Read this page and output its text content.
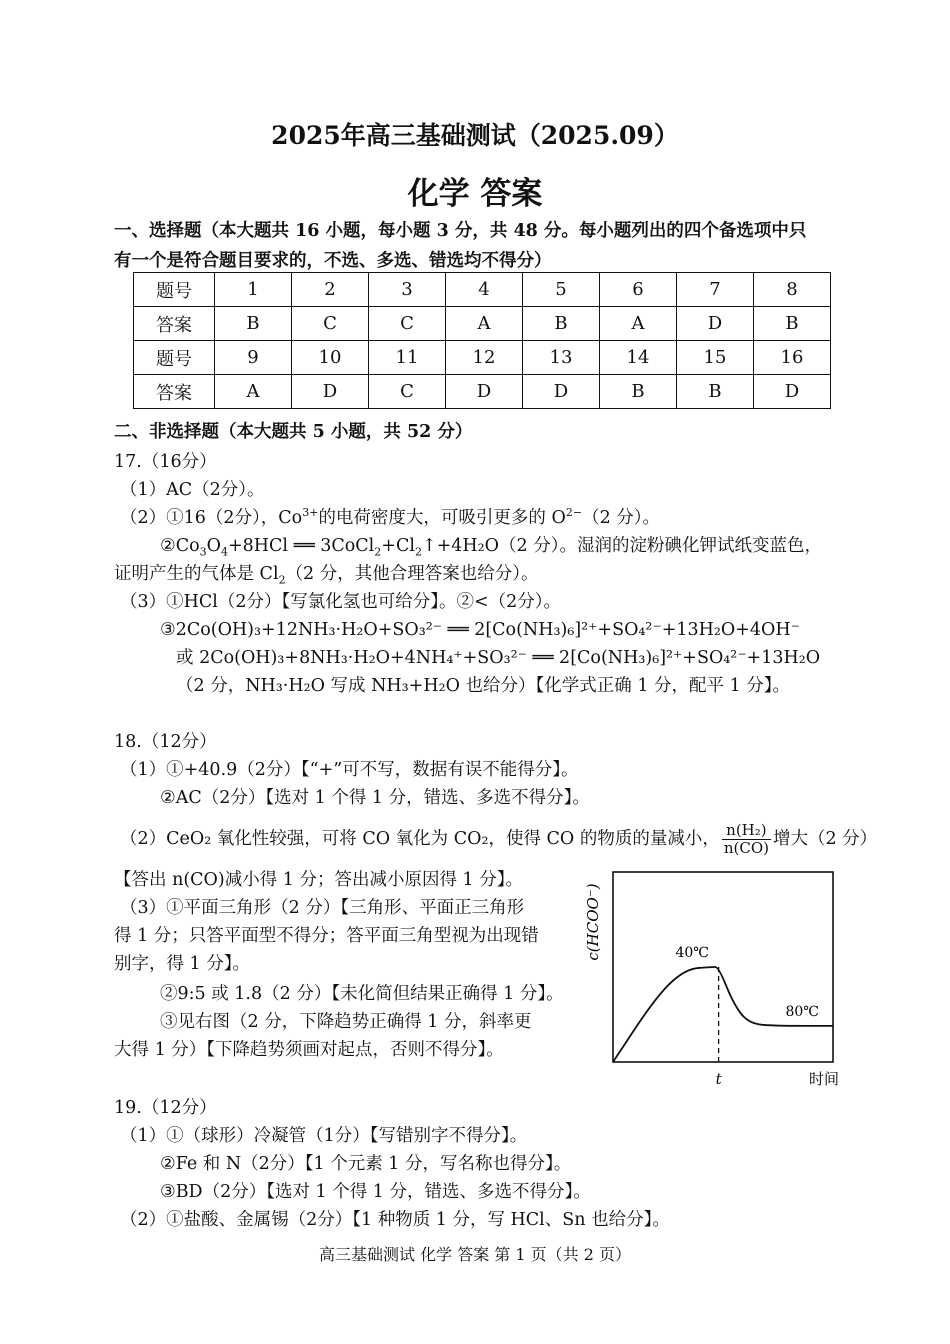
2025年高三基础测试（2025.09）
化学 答案
一、选择题（本大题共 16 小题，每小题 3 分，共 48 分。每小题列出的四个备选项中只
有一个是符合题目要求的，不选、多选、错选均不得分）
题号	1	2	3	4	5	6	7	8
答案	B	C	C	A	B	A	D	B
题号	9	10	11	12	13	14	15	16
答案	A	D	C	D	D	B	B	D
二、非选择题（本大题共 5 小题，共 52 分）
17.（16分）
（1）AC（2分）。
（2）①16（2分），$Co^{3+}$的电荷密度大，可吸引更多的 $O^{2-}(2$ 分）。
$②Co_3O_4+8HCl$ ══ $3CoCl_2+Cl_2↑+4H_2O(2$ 分）。湿润的淀粉碘化钾试纸变蓝色，
证明产生的气体是 $Cl_2(2$ 分，其他合理答案也给分）。
（3）①HCl（2分）【写氯化氢也可给分】。②<（2分）。
③2Co(OH)₃+12NH₃·H₂O+SO₃²⁻ ══ 2[Co(NH₃)₆]²⁺+SO₄²⁻+13H₂O+4OH⁻
或 2Co(OH)₃+8NH₃·H₂O+4NH₄⁺+SO₃²⁻ ══ 2[Co(NH₃)₆]²⁺+SO₄²⁻+13H₂O
（2 分，NH₃·H₂O 写成 NH₃+H₂O 也给分）【化学式正确 1 分，配平 1 分】。
18.（12分）
（1）①+40.9（2分）【“+”可不写，数据有误不能得分】。
②AC（2分）【选对 1 个得 1 分，错选、多选不得分】。
（2）CeO₂ 氧化性较强，可将 CO 氧化为 CO₂，使得 CO 的物质的量减小， $\frac{\text{n(H₂)}}{n(CO)}$ 增大（2 分）
【答出 n(CO)减小得 1 分；答出减小原因得 1 分】。
（3）①平面三角形（2 分）【三角形、平面正三角形
得 1 分；只答平面型不得分；答平面三角型视为出现错
别字，得 1 分】。
②9:5 或 1.8（2 分）【未化简但结果正确得 1 分】。
③见右图（2 分，下降趋势正确得 1 分，斜率更
大得 1 分）【下降趋势须画对起点，否则不得分】。
c(HCOO⁻)
时间
t
40℃
80℃
19.（12分）
（1）①（球形）冷凝管（1分）【写错别字不得分】。
②Fe 和 N（2分）【1 个元素 1 分，写名称也得分】。
③BD（2分）【选对 1 个得 1 分，错选、多选不得分】。
（2）①盐酸、金属锡（2分）【1 种物质 1 分，写 HCl、Sn 也给分】。
高三基础测试 化学 答案 第 1 页（共 2 页）
